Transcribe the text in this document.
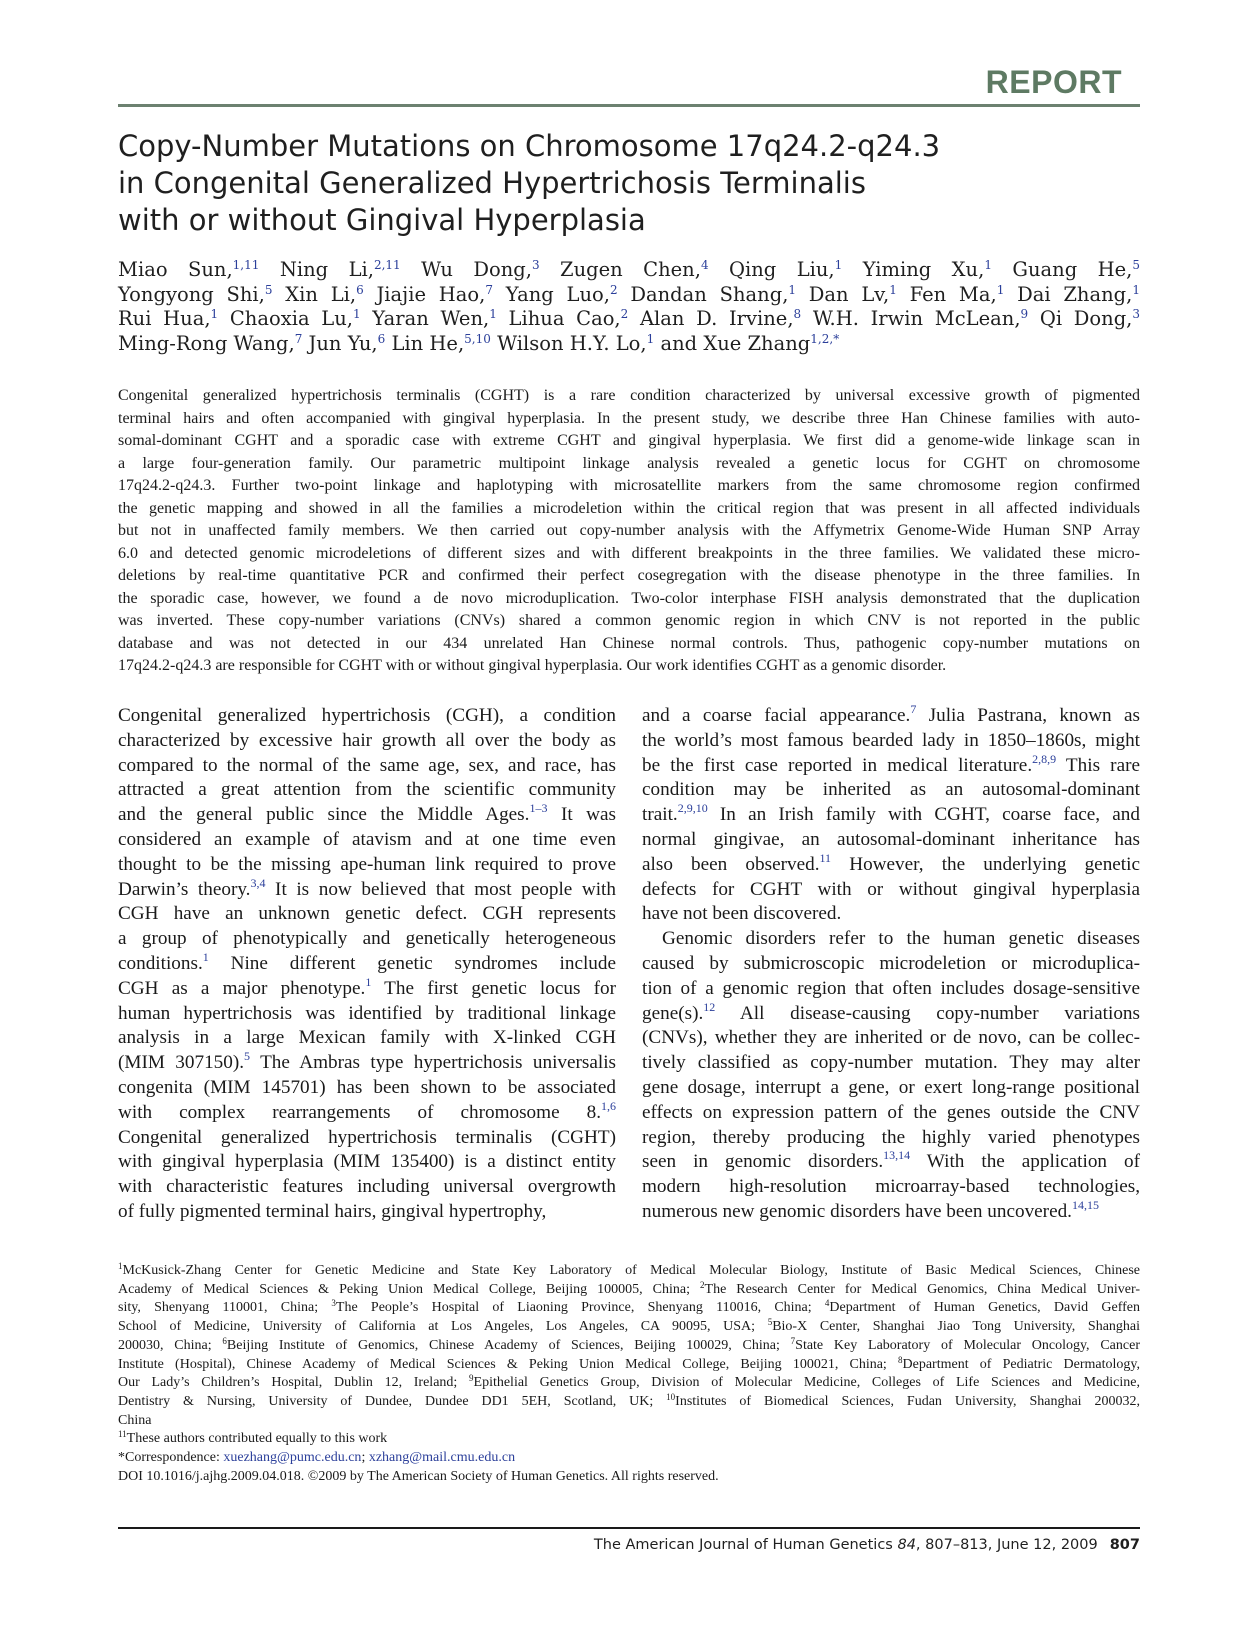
REPORT
Copy-Number Mutations on Chromosome 17q24.2-q24.3
in Congenital Generalized Hypertrichosis Terminalis
with or without Gingival Hyperplasia
Miao Sun,$^{1,11}$ Ning Li,$^{2,11}$ Wu Dong,$^3$ Zugen Chen,$^4$ Qing Liu,$^1$ Yiming Xu,$^1$ Guang He,$^5$
Yongyong Shi,$^5$ Xin Li,$^6$ Jiajie Hao,$^7$ Yang Luo,$^2$ Dandan Shang,$^1$ Dan Lv,$^1$ Fen Ma,$^1$ Dai Zhang,$^1$
Rui Hua,$^1$ Chaoxia Lu,$^1$ Yaran Wen,$^1$ Lihua Cao,$^2$ Alan D. Irvine,$^8$ W.H. Irwin McLean,$^9$ Qi Dong,$^3$
Ming-Rong Wang,$^7$ Jun Yu,$^6$ Lin He,$^{5,10}$ Wilson H.Y. Lo,$^1$ and Xue Zhang$^{1,2,*}$
Congenital generalized hypertrichosis terminalis (CGHT) is a rare condition characterized by universal excessive growth of pigmented
terminal hairs and often accompanied with gingival hyperplasia. In the present study, we describe three Han Chinese families with auto-
somal-dominant CGHT and a sporadic case with extreme CGHT and gingival hyperplasia. We first did a genome-wide linkage scan in
a large four-generation family. Our parametric multipoint linkage analysis revealed a genetic locus for CGHT on chromosome
17q24.2-q24.3. Further two-point linkage and haplotyping with microsatellite markers from the same chromosome region confirmed
the genetic mapping and showed in all the families a microdeletion within the critical region that was present in all affected individuals
but not in unaffected family members. We then carried out copy-number analysis with the Affymetrix Genome-Wide Human SNP Array
6.0 and detected genomic microdeletions of different sizes and with different breakpoints in the three families. We validated these micro-
deletions by real-time quantitative PCR and confirmed their perfect cosegregation with the disease phenotype in the three families. In
the sporadic case, however, we found a de novo microduplication. Two-color interphase FISH analysis demonstrated that the duplication
was inverted. These copy-number variations (CNVs) shared a common genomic region in which CNV is not reported in the public
database and was not detected in our 434 unrelated Han Chinese normal controls. Thus, pathogenic copy-number mutations on
17q24.2-q24.3 are responsible for CGHT with or without gingival hyperplasia. Our work identifies CGHT as a genomic disorder.
Congenital generalized hypertrichosis (CGH), a condition
characterized by excessive hair growth all over the body as
compared to the normal of the same age, sex, and race, has
attracted a great attention from the scientific community
and the general public since the Middle Ages.$^{1-3}$ It was
considered an example of atavism and at one time even
thought to be the missing ape-human link required to prove
Darwin’s theory.$^{3,4}$ It is now believed that most people with
CGH have an unknown genetic defect. CGH represents
a group of phenotypically and genetically heterogeneous
conditions.$^1$ Nine different genetic syndromes include
CGH as a major phenotype.$^1$ The first genetic locus for
human hypertrichosis was identified by traditional linkage
analysis in a large Mexican family with X-linked CGH
(MIM 307150).$^5$ The Ambras type hypertrichosis universalis
congenita (MIM 145701) has been shown to be associated
with complex rearrangements of chromosome 8.$^{1,6}$
Congenital generalized hypertrichosis terminalis (CGHT)
with gingival hyperplasia (MIM 135400) is a distinct entity
with characteristic features including universal overgrowth
of fully pigmented terminal hairs, gingival hypertrophy,
and a coarse facial appearance.$^7$ Julia Pastrana, known as
the world’s most famous bearded lady in 1850–1860s, might
be the first case reported in medical literature.$^{2,8,9}$ This rare
condition may be inherited as an autosomal-dominant
trait.$^{2,9,10}$ In an Irish family with CGHT, coarse face, and
normal gingivae, an autosomal-dominant inheritance has
also been observed.$^{11}$ However, the underlying genetic
defects for CGHT with or without gingival hyperplasia
have not been discovered.
Genomic disorders refer to the human genetic diseases
caused by submicroscopic microdeletion or microduplica-
tion of a genomic region that often includes dosage-sensitive
gene(s).$^{12}$ All disease-causing copy-number variations
(CNVs), whether they are inherited or de novo, can be collec-
tively classified as copy-number mutation. They may alter
gene dosage, interrupt a gene, or exert long-range positional
effects on expression pattern of the genes outside the CNV
region, thereby producing the highly varied phenotypes
seen in genomic disorders.$^{13,14}$ With the application of
modern high-resolution microarray-based technologies,
numerous new genomic disorders have been uncovered.$^{14,15}$
$^1$McKusick-Zhang Center for Genetic Medicine and State Key Laboratory of Medical Molecular Biology, Institute of Basic Medical Sciences, Chinese
Academy of Medical Sciences & Peking Union Medical College, Beijing 100005, China; $^2$The Research Center for Medical Genomics, China Medical Univer-
sity, Shenyang 110001, China; $^3$The People’s Hospital of Liaoning Province, Shenyang 110016, China; $^4$Department of Human Genetics, David Geffen
School of Medicine, University of California at Los Angeles, Los Angeles, CA 90095, USA; $^5$Bio-X Center, Shanghai Jiao Tong University, Shanghai
200030, China; $^6$Beijing Institute of Genomics, Chinese Academy of Sciences, Beijing 100029, China; $^7$State Key Laboratory of Molecular Oncology, Cancer
Institute (Hospital), Chinese Academy of Medical Sciences & Peking Union Medical College, Beijing 100021, China; $^8$Department of Pediatric Dermatology,
Our Lady’s Children’s Hospital, Dublin 12, Ireland; $^9$Epithelial Genetics Group, Division of Molecular Medicine, Colleges of Life Sciences and Medicine,
Dentistry & Nursing, University of Dundee, Dundee DD1 5EH, Scotland, UK; $^{10}$Institutes of Biomedical Sciences, Fudan University, Shanghai 200032,
China
$^{11}$These authors contributed equally to this work
*Correspondence: xuezhang@pumc.edu.cn; xzhang@mail.cmu.edu.cn
DOI 10.1016/j.ajhg.2009.04.018. ©2009 by The American Society of Human Genetics. All rights reserved.
The American Journal of Human Genetics 84, 807–813, June 12, 2009 807
